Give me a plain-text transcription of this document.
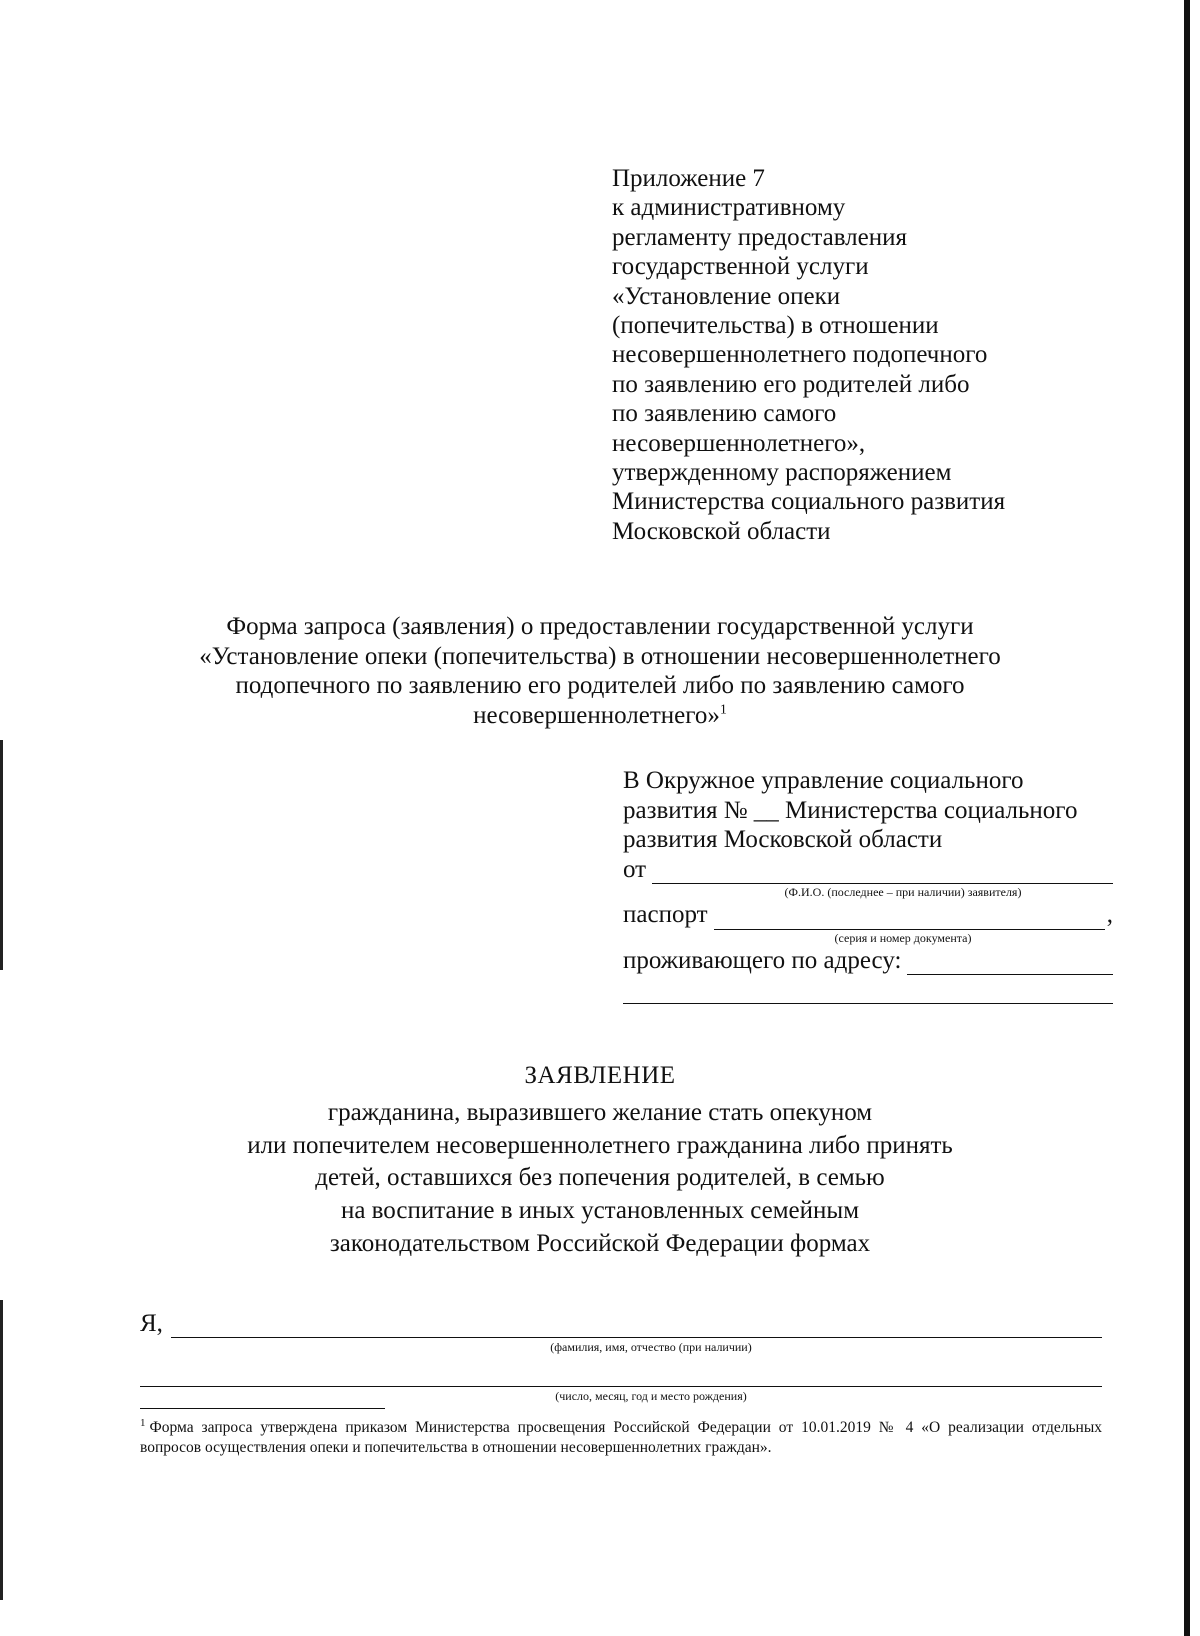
Приложение 7
к административному
регламенту предоставления
государственной услуги
«Установление опеки
(попечительства) в отношении
несовершеннолетнего подопечного
по заявлению его родителей либо
по заявлению самого
несовершеннолетнего»,
утвержденному распоряжением
Министерства социального развития
Московской области
Форма запроса (заявления) о предоставлении государственной услуги
«Установление опеки (попечительства) в отношении несовершеннолетнего
подопечного по заявлению его родителей либо по заявлению самого
несовершеннолетнего»$^1$
В Окружное управление социального
развития № __ Министерства социального
развития Московской области
от
(Ф.И.О. (последнее – при наличии) заявителя)
паспорт	,
(серия и номер документа)
проживающего по адресу:
ЗАЯВЛЕНИЕ
гражданина, выразившего желание стать опекуном
или попечителем несовершеннолетнего гражданина либо принять
детей, оставшихся без попечения родителей, в семью
на воспитание в иных установленных семейным
законодательством Российской Федерации формах
Я,
(фамилия, имя, отчество (при наличии)
(число, месяц, год и место рождения)
$^1$ Форма запроса утверждена приказом Министерства просвещения Российской Федерации от 10.01.2019 № 4 «О реализации отдельных вопросов осуществления опеки и попечительства в отношении несовершеннолетних граждан».
